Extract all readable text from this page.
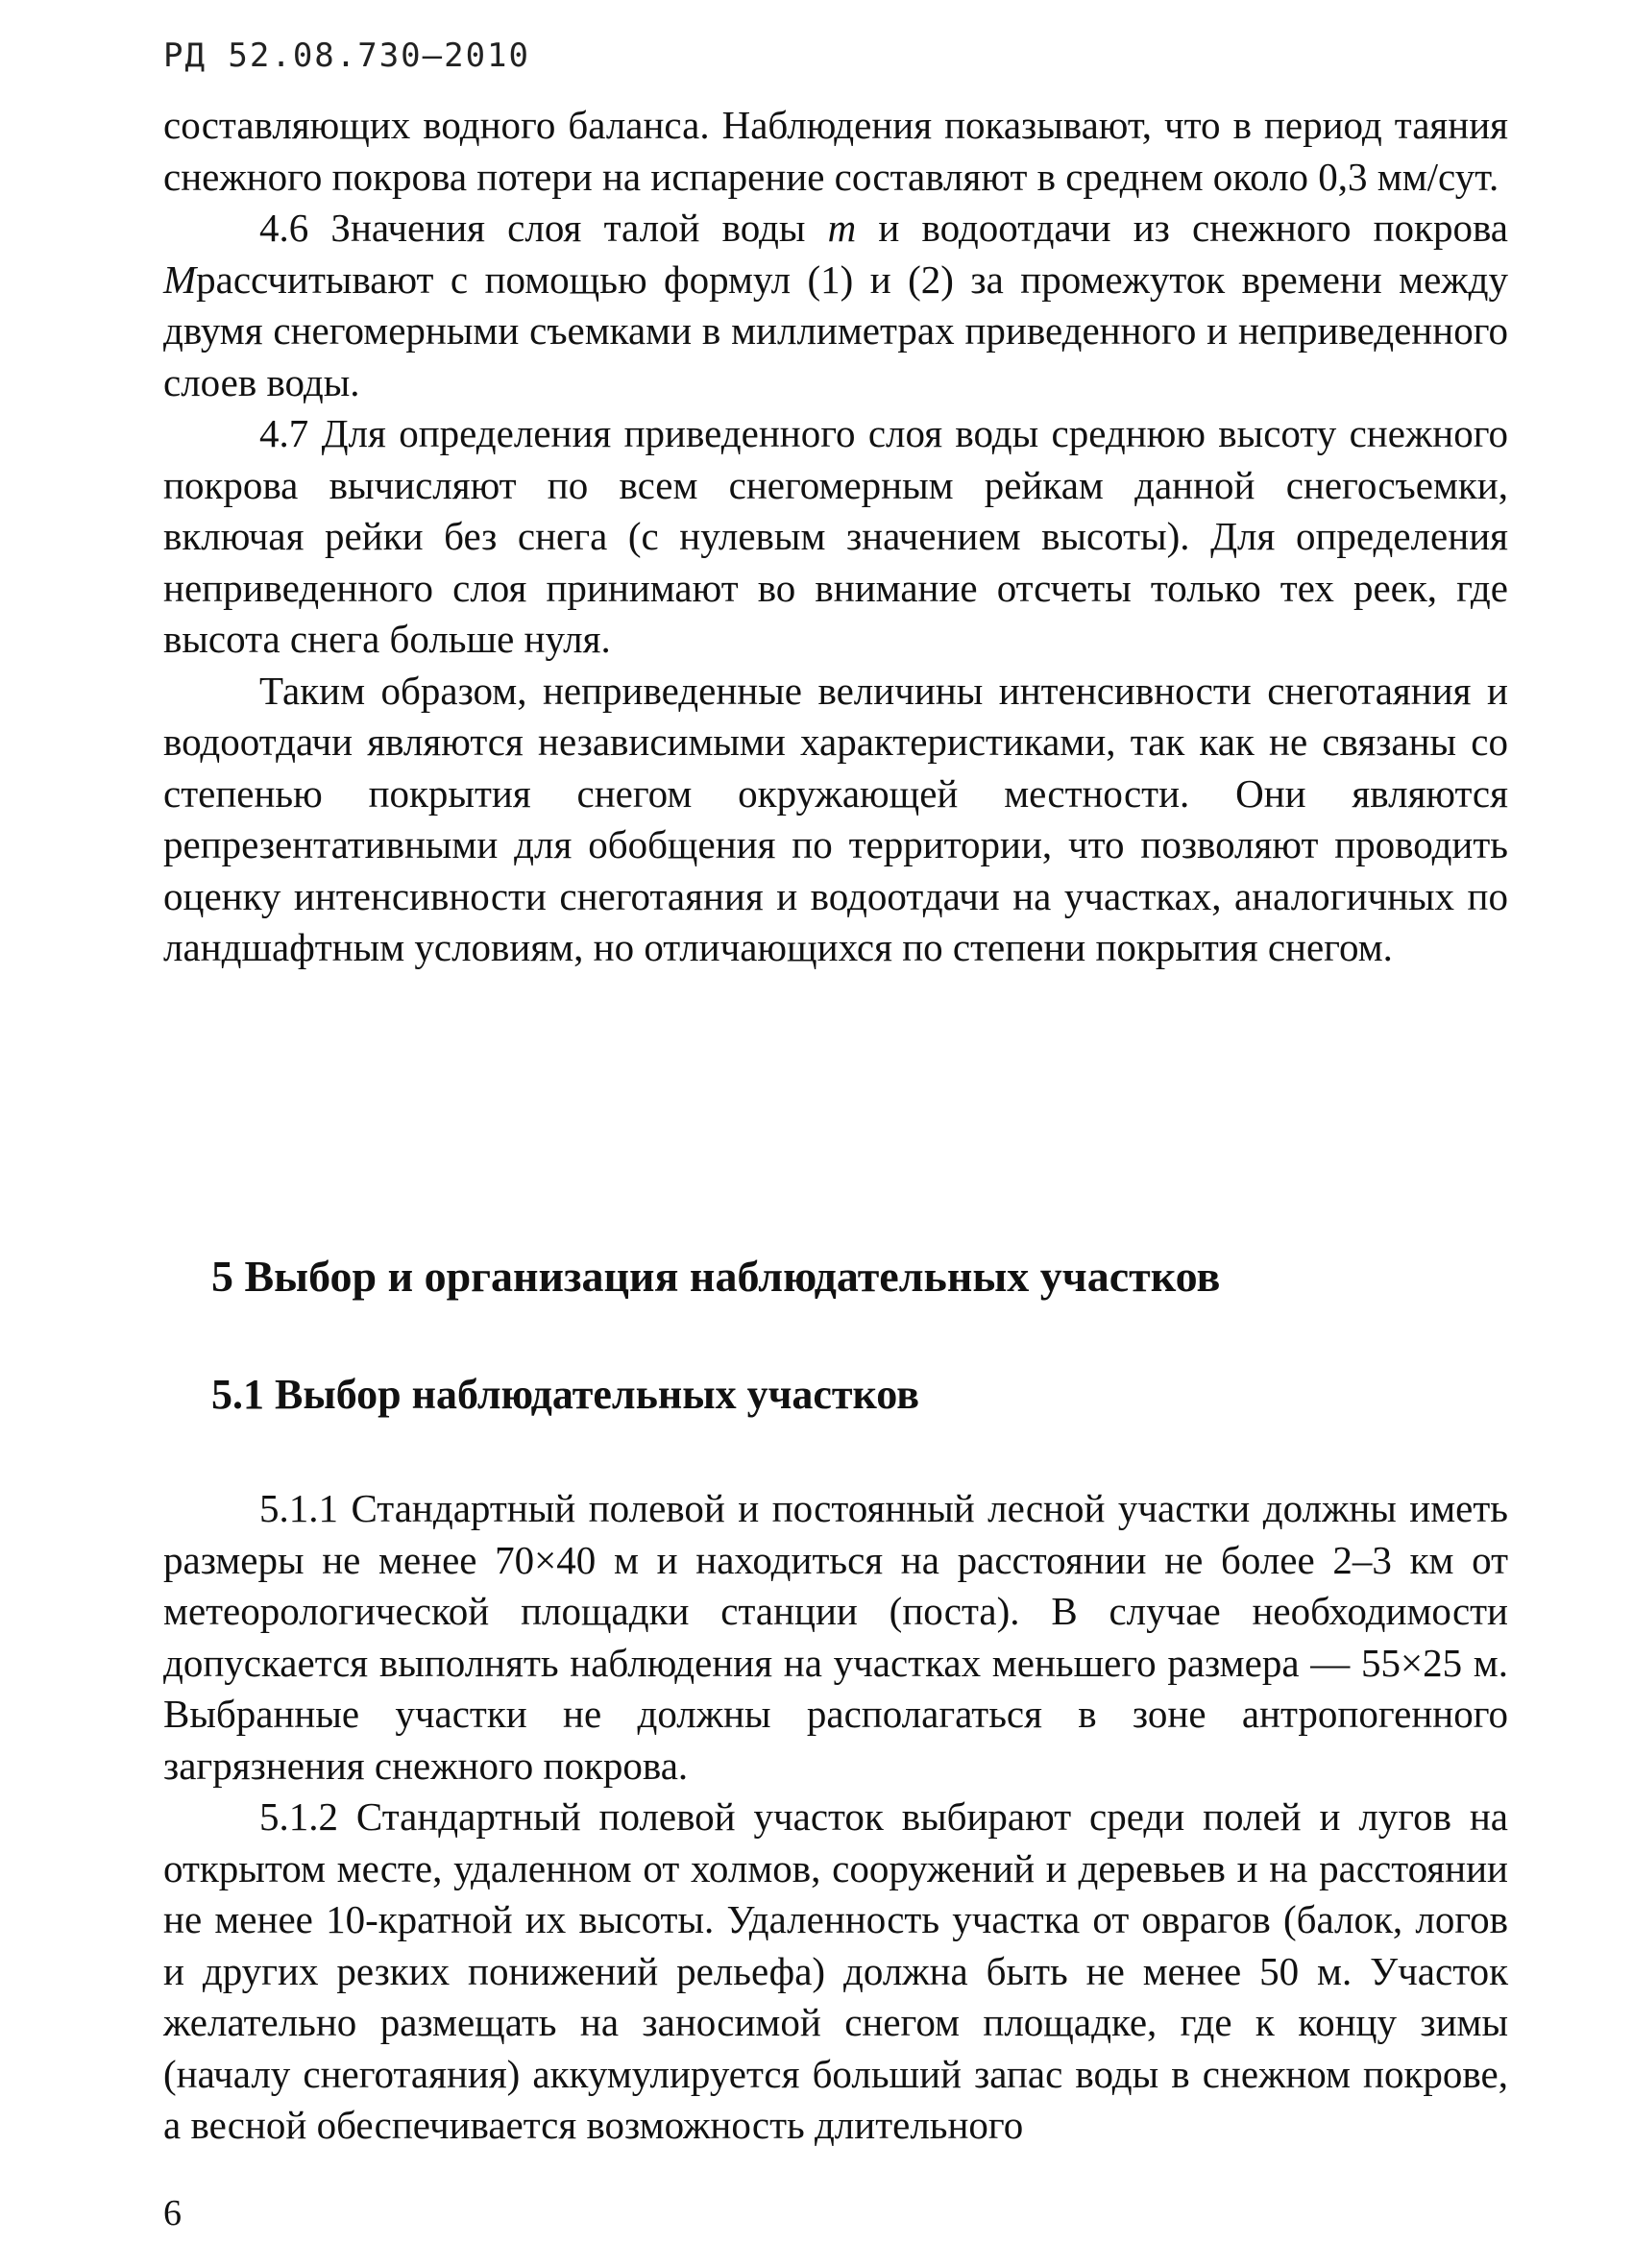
РД 52.08.730–2010

составляющих водного баланса. Наблюдения показывают, что в период таяния снежного покрова потери на испарение составляют в среднем около 0,3 мм/сут.

4.6 Значения слоя талой воды m и водоотдачи из снежного покрова Mрассчитывают с помощью формул (1) и (2) за промежуток времени между двумя снегомерными съемками в миллиметрах приведенного и неприведенного слоев воды.

4.7 Для определения приведенного слоя воды среднюю высоту снежного покрова вычисляют по всем снегомерным рейкам данной снегосъемки, включая рейки без снега (с нулевым значением высоты). Для определения неприведенного слоя принимают во внимание отсчеты только тех реек, где высота снега больше нуля.

Таким образом, неприведенные величины интенсивности снеготаяния и водоотдачи являются независимыми характеристиками, так как не связаны со степенью покрытия снегом окружающей местности. Они являются репрезентативными для обобщения по территории, что позволяют проводить оценку интенсивности снеготаяния и водоотдачи на участках, аналогичных по ландшафтным условиям, но отличающихся по степени покрытия снегом.

5 Выбор и организация наблюдательных участков
5.1 Выбор наблюдательных участков

5.1.1 Стандартный полевой и постоянный лесной участки должны иметь размеры не менее 70×40 м и находиться на расстоянии не более 2–3 км от метеорологической площадки станции (поста). В случае необходимости допускается выполнять наблюдения на участках меньшего размера — 55×25 м. Выбранные участки не должны располагаться в зоне антропогенного загрязнения снежного покрова.

5.1.2 Стандартный полевой участок выбирают среди полей и лугов на открытом месте, удаленном от холмов, сооружений и деревьев и на расстоянии не менее 10-кратной их высоты. Удаленность участка от оврагов (балок, логов и других резких понижений рельефа) должна быть не менее 50 м. Участок желательно размещать на заносимой снегом площадке, где к концу зимы (началу снеготаяния) аккумулируется больший запас воды в снежном покрове, а весной обеспечивается возможность длительного

6
